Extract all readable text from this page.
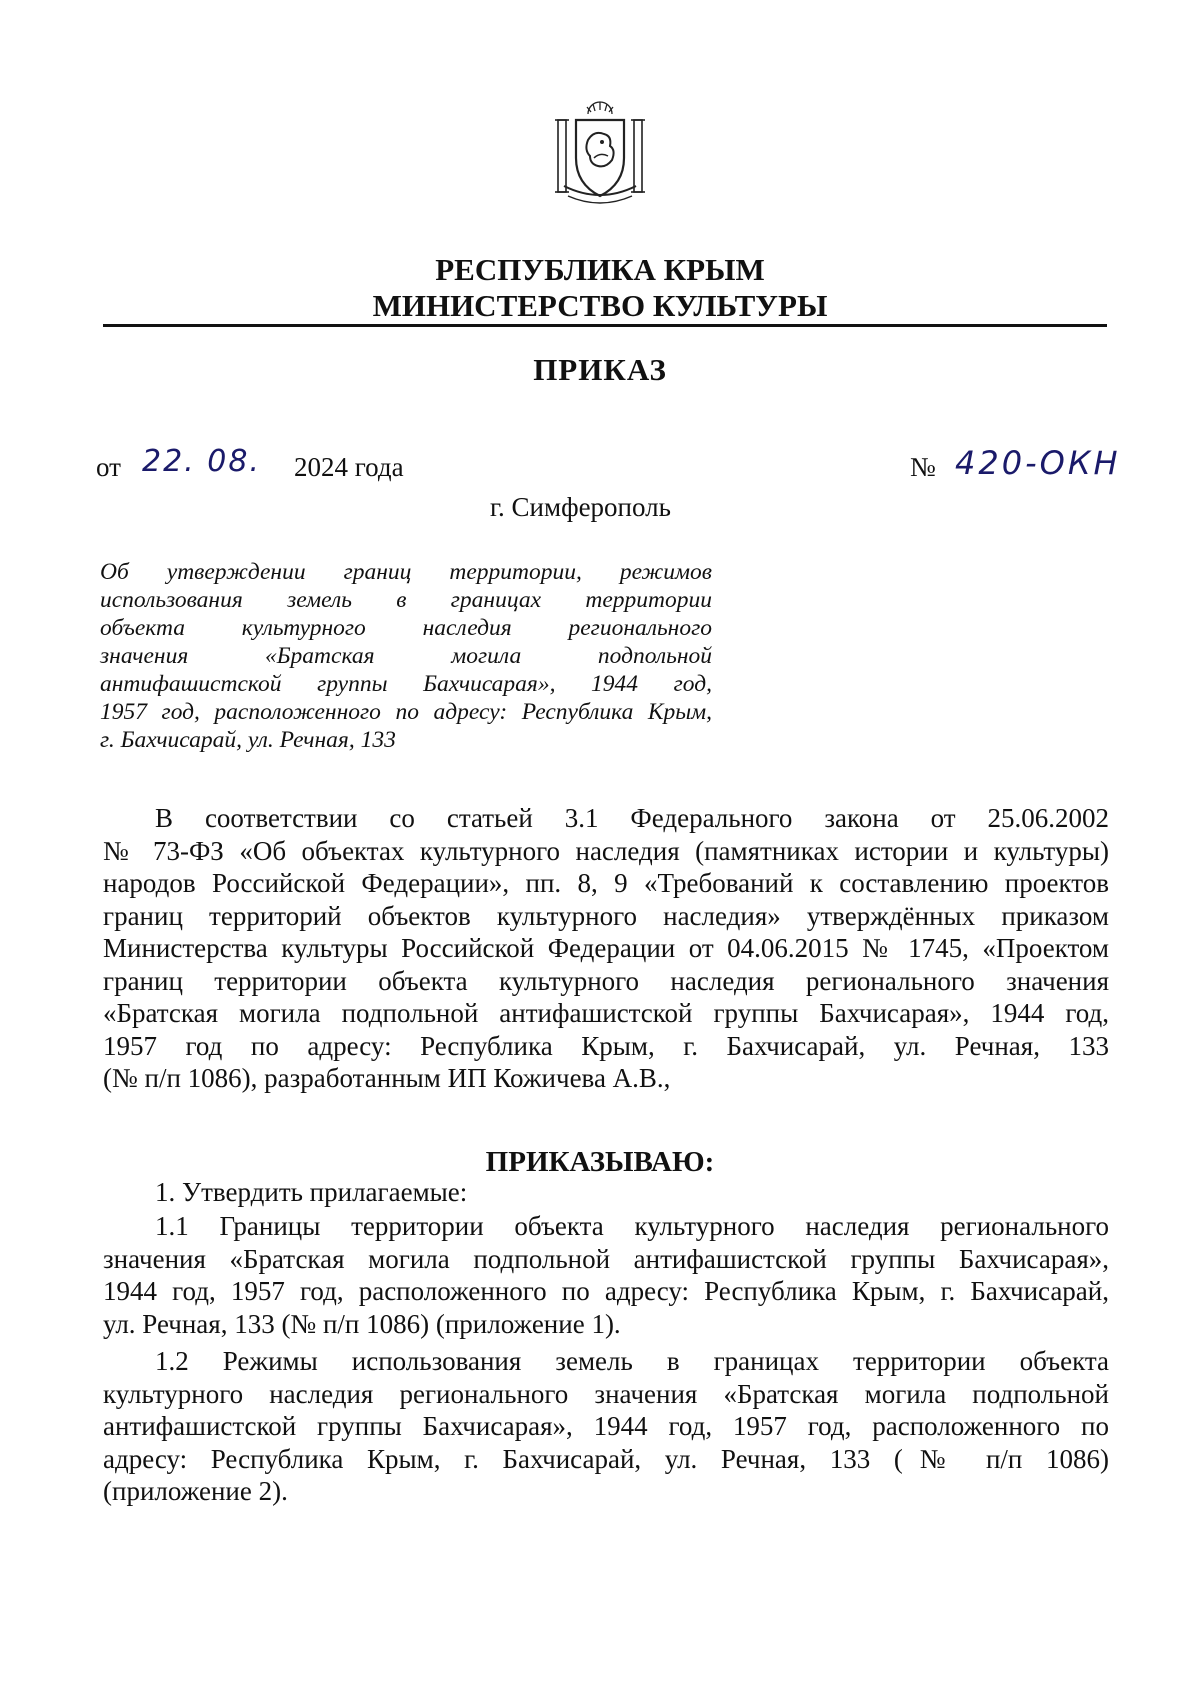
РЕСПУБЛИКА КРЫМ
МИНИСТЕРСТВО КУЛЬТУРЫ
ПРИКАЗ
от 22. 08. 2024 года	№ 420-ОКН
г. Симферополь
Об утверждении границ территории, режимов
использования земель в границах территории
объекта культурного наследия регионального
значения «Братская могила подпольной
антифашистской группы Бахчисарая», 1944 год,
1957 год, расположенного по адресу: Республика Крым,
г. Бахчисарай, ул. Речная, 133
В соответствии со статьей 3.1 Федерального закона от 25.06.2002
№ 73-ФЗ «Об объектах культурного наследия (памятниках истории и культуры)
народов Российской Федерации», пп. 8, 9 «Требований к составлению проектов
границ территорий объектов культурного наследия» утверждённых приказом
Министерства культуры Российской Федерации от 04.06.2015 № 1745, «Проектом
границ территории объекта культурного наследия регионального значения
«Братская могила подпольной антифашистской группы Бахчисарая», 1944 год,
1957 год по адресу: Республика Крым, г. Бахчисарай, ул. Речная, 133
(№ п/п 1086), разработанным ИП Кожичева А.В.,
ПРИКАЗЫВАЮ:
1. Утвердить прилагаемые:
1.1 Границы территории объекта культурного наследия регионального
значения «Братская могила подпольной антифашистской группы Бахчисарая»,
1944 год, 1957 год, расположенного по адресу: Республика Крым, г. Бахчисарай,
ул. Речная, 133 (№ п/п 1086) (приложение 1).
1.2 Режимы использования земель в границах территории объекта
культурного наследия регионального значения «Братская могила подпольной
антифашистской группы Бахчисарая», 1944 год, 1957 год, расположенного по
адресу: Республика Крым, г. Бахчисарай, ул. Речная, 133 (№ п/п 1086)
(приложение 2).
